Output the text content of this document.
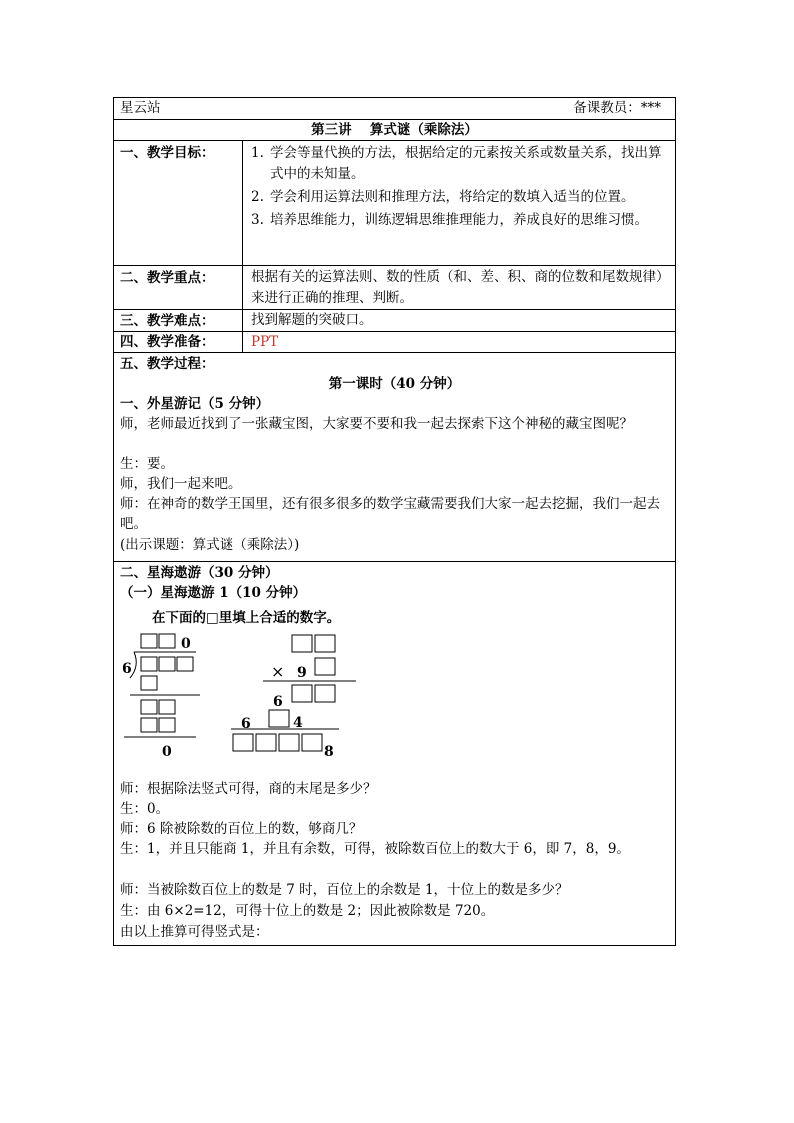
星云站	备课教员：***
第三讲　 算式谜（乘除法）
一、教学目标：	1. 学会等量代换的方法，根据给定的元素按关系或数量关系，找出算式中的未知量。
2. 学会利用运算法则和推理方法，将给定的数填入适当的位置。
3. 培养思维能力，训练逻辑思维推理能力，养成良好的思维习惯。
二、教学重点：	根据有关的运算法则、数的性质（和、差、积、商的位数和尾数规律）来进行正确的推理、判断。
三、教学难点：	找到解题的突破口。
四、教学准备：	PPT
五、教学过程：
第一课时（40 分钟）
一、外星游记（5 分钟）
师，老师最近找到了一张藏宝图，大家要不要和我一起去探索下这个神秘的藏宝图呢？
生：要。
师，我们一起来吧。
师：在神奇的数学王国里，还有很多很多的数学宝藏需要我们大家一起去挖掘，我们一起去吧。
(出示课题：算式谜（乘除法）)
二、星海遨游（30 分钟）
（一）星海遨游 1（10 分钟）
在下面的□里填上合适的数字。
0
6
0
× 9
6
6	4
8
师：根据除法竖式可得，商的末尾是多少？
生：0。
师：6 除被除数的百位上的数，够商几？
生：1，并且只能商 1，并且有余数，可得，被除数百位上的数大于 6，即 7，8，9。
师：当被除数百位上的数是 7 时，百位上的余数是 1，十位上的数是多少？
生：由 6×2=12，可得十位上的数是 2；因此被除数是 720。
由以上推算可得竖式是：
